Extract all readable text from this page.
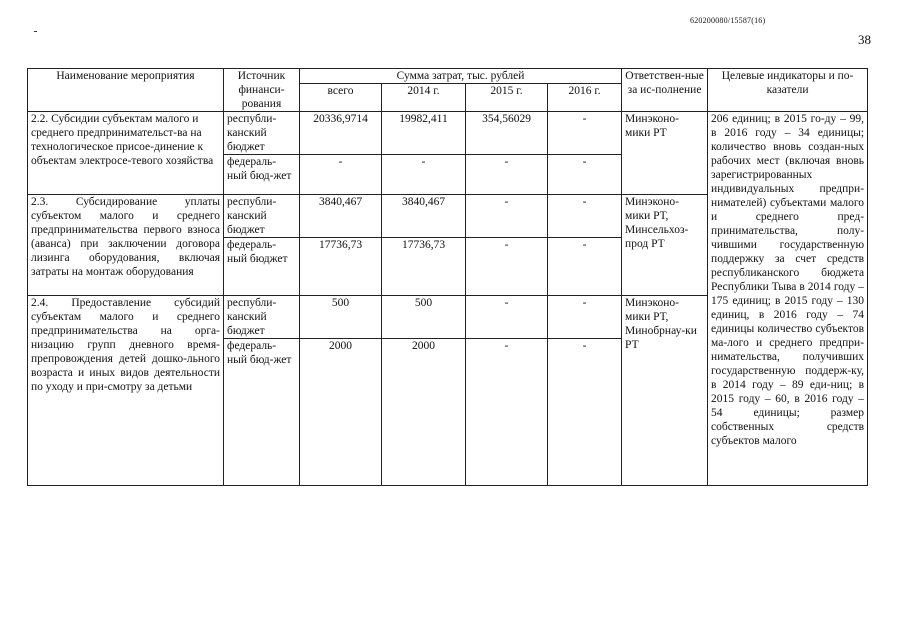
620200080/15587(16)
38
Наименование мероприятия	Источник финанси-рования	Сумма затрат, тыс. рублей				Ответствен-ные за ис-полнение	Целевые индикаторы и по-казатели
		всего	2014 г.	2015 г.	2016 г.		
2.2. Субсидии субъектам малого и среднего предпринимательст-ва на технологическое присое-динение к объектам электросе-тевого хозяйства	республи-канский бюджет	20336,9714	19982,411	354,56029	-	Минэконо-мики РТ	206 единиц; в 2015 го-ду – 99, в 2016 году – 34 единицы; количество вновь создан-ных рабочих мест (включая вновь зарегистрированных индивидуальных предпри-нимателей) субъектами малого и среднего пред-принимательства, полу-чившими государственную поддержку за счет средств республиканского бюджета Республики Тыва в 2014 году – 175 единиц; в 2015 году – 130 единиц, в 2016 году – 74 единицы количество субъектов ма-лого и среднего предпри-нимательства, получивших государственную поддерж-ку, в 2014 году – 89 еди-ниц; в 2015 году – 60, в 2016 году – 54 единицы; размер собственных средств субъектов малого
	федераль-ный бюд-жет	-	-	-	-		
2.3. Субсидирование уплаты субъектом малого и среднего предпринимательства первого взноса (аванса) при заключении договора лизинга оборудования, включая затраты на монтаж оборудования	республи-канский бюджет	3840,467	3840,467	-	-	Минэконо-мики РТ, Минсельхоз-прод РТ	
	федераль-ный бюджет	17736,73	17736,73	-	-		
2.4. Предоставление субсидий субъектам малого и среднего предпринимательства на орга-низацию групп дневного время-препровождения детей дошко-льного возраста и иных видов деятельности по уходу и при-смотру за детьми	республи-канский бюджет	500	500	-	-	Минэконо-мики РТ, Минобрнау-ки РТ	
	федераль-ный бюд-жет	2000	2000	-	-		
